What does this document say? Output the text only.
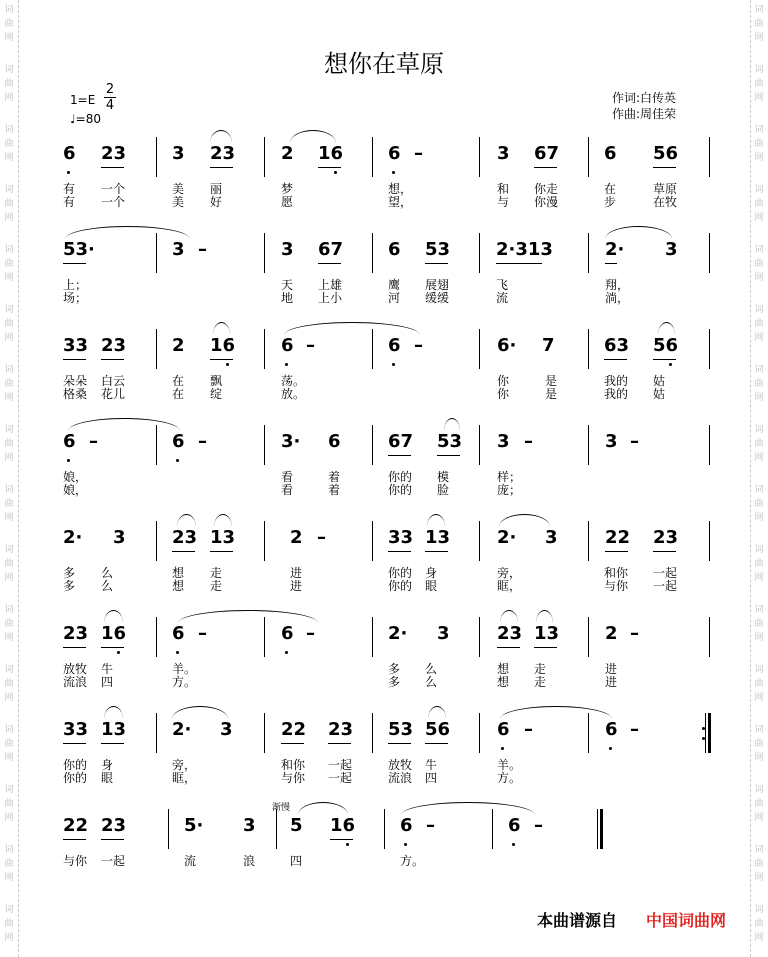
词
曲
网
词
曲
网
词
曲
网
词
曲
网
词
曲
网
词
曲
网
词
曲
网
词
曲
网
词
曲
网
词
曲
网
词
曲
网
词
曲
网
词
曲
网
词
曲
网
词
曲
网
词
曲
网
词
曲
网
词
曲
网
词
曲
网
词
曲
网
词
曲
网
词
曲
网
词
曲
网
词
曲
网
词
曲
网
词
曲
网
词
曲
网
词
曲
网
词
曲
网
词
曲
网
词
曲
网
词
曲
网
想你在草原
$1=E \frac{2}{4}$
♩=80
作词:白传英
作曲:周佳荣
6 23	3 23	2 16 6 –	3 67 6 56
有 一个	美 丽	梦	想，	和 你走	在	草原
有 一个	美 好	愿	望，	与 你漫	步	在牧
53·	3 –	3 67 6 53	2·313	2· 3
上；	天 上雄	鹰 展翅	飞	翔，
场；	地 上小	河 缓缓	流	淌，
33 23	2 16	6 –	6 –	6· 7	63 56
朵朵 白云	在 飘	荡。	你	是	我的 姑
格桑 花儿	在 绽	放。	你	是	我的 姑
6 –	6 –	3· 6	67 53 3 –	3 –
娘，	看	着	你的 模	样；
娘，	看	着	你的 脸	庞；
2· 3	23 13	2 –	33 13	2· 3	22 23
多 么	想 走	进	你的 身	旁，	和你 一起
多 么	想 走	进	你的 眼	眶，	与你 一起
23 16	6 –	6 –	2· 3	23 13	2 –
放牧 牛	羊。	多 么	想 走	进
流浪 四	方。	多 么	想 走	进
33 13	2· 3	22 23 53 56	6 –	6 –
你的 身	旁，	和你 一起	放牧 牛	羊。
你的 眼	眶，	与你 一起	流浪 四	方。
22 23	5· 3 5 16 6 –	6 –
与你 一起	流	浪	四	方。
渐慢
本曲谱源自 中国词曲网
